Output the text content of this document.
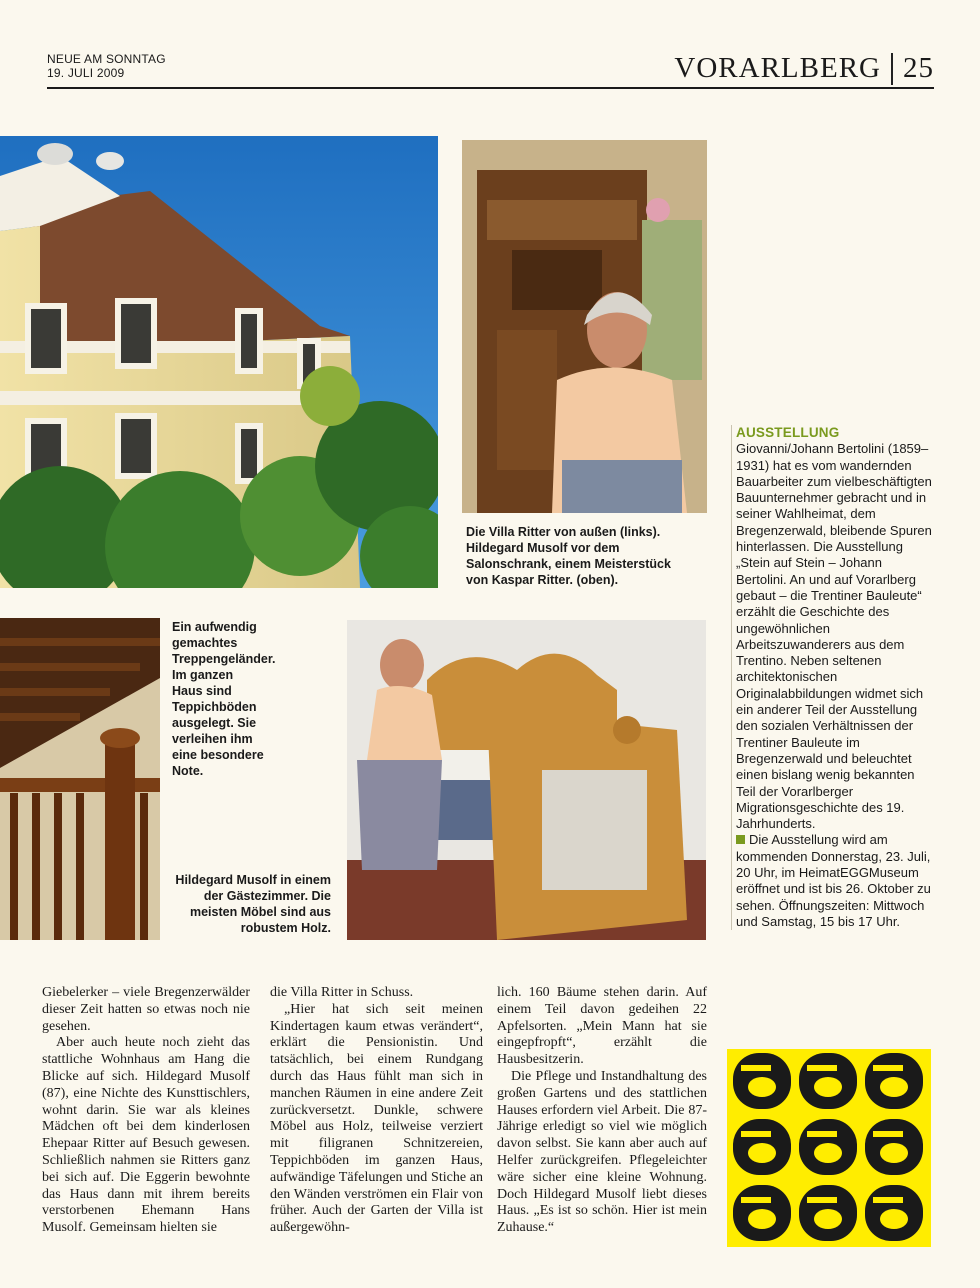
NEUE AM SONNTAG
19. JULI 2009	VORARLBERG 25
Die Villa Ritter von außen (links). Hildegard Musolf vor dem Salonschrank, einem Meisterstück von Kaspar Ritter. (oben).
Ein aufwendig gemachtes Treppengeländer. Im ganzen Haus sind Teppichböden ausgelegt. Sie verleihen ihm eine besondere Note.
Hildegard Musolf in einem der Gästezimmer. Die meisten Möbel sind aus robustem Holz.
AUSSTELLUNG

Giovanni/Johann Bertolini (1859–1931) hat es vom wandernden Bauarbeiter zum vielbeschäftigten Bauunternehmer gebracht und in seiner Wahlheimat, dem Bregenzerwald, bleibende Spuren hinterlassen. Die Ausstellung „Stein auf Stein – Johann Bertolini. An und auf Vorarlberg gebaut – die Trentiner Bauleute“ erzählt die Geschichte des ungewöhnlichen Arbeitszuwanderers aus dem Trentino. Neben seltenen architektonischen Originalabbildungen widmet sich ein anderer Teil der Ausstellung den sozialen Verhältnissen der Trentiner Bauleute im Bregenzerwald und beleuchtet einen bislang wenig bekannten Teil der Vorarlberger Migrationsgeschichte des 19. Jahrhunderts.

Die Ausstellung wird am kommenden Donnerstag, 23. Juli, 20 Uhr, im HeimatEGGMuseum eröffnet und ist bis 26. Oktober zu sehen. Öffnungszeiten: Mittwoch und Samstag, 15 bis 17 Uhr.

Giebelerker – viele Bregenzerwälder dieser Zeit hatten so etwas noch nie gesehen.

Aber auch heute noch zieht das stattliche Wohnhaus am Hang die Blicke auf sich. Hildegard Musolf (87), eine Nichte des Kunsttischlers, wohnt darin. Sie war als kleines Mädchen oft bei dem kinderlosen Ehepaar Ritter auf Besuch gewesen. Schließlich nahmen sie Ritters ganz bei sich auf. Die Eggerin bewohnte das Haus dann mit ihrem bereits verstorbenen Ehemann Hans Musolf. Gemeinsam hielten sie

die Villa Ritter in Schuss.

„Hier hat sich seit meinen Kindertagen kaum etwas verändert“, erklärt die Pensionistin. Und tatsächlich, bei einem Rundgang durch das Haus fühlt man sich in manchen Räumen in eine andere Zeit zurückversetzt. Dunkle, schwere Möbel aus Holz, teilweise verziert mit filigranen Schnitzereien, Teppichböden im ganzen Haus, aufwändige Täfelungen und Stiche an den Wänden verströmen ein Flair von früher. Auch der Garten der Villa ist außergewöhn-

lich. 160 Bäume stehen darin. Auf einem Teil davon gedeihen 22 Apfelsorten. „Mein Mann hat sie eingepfropft“, erzählt die Hausbesitzerin.

Die Pflege und Instandhaltung des großen Gartens und des stattlichen Hauses erfordern viel Arbeit. Die 87-Jährige erledigt so viel wie möglich davon selbst. Sie kann aber auch auf Helfer zurückgreifen. Pflegeleichter wäre sicher eine kleine Wohnung. Doch Hildegard Musolf liebt dieses Haus. „Es ist so schön. Hier ist mein Zuhause.“
